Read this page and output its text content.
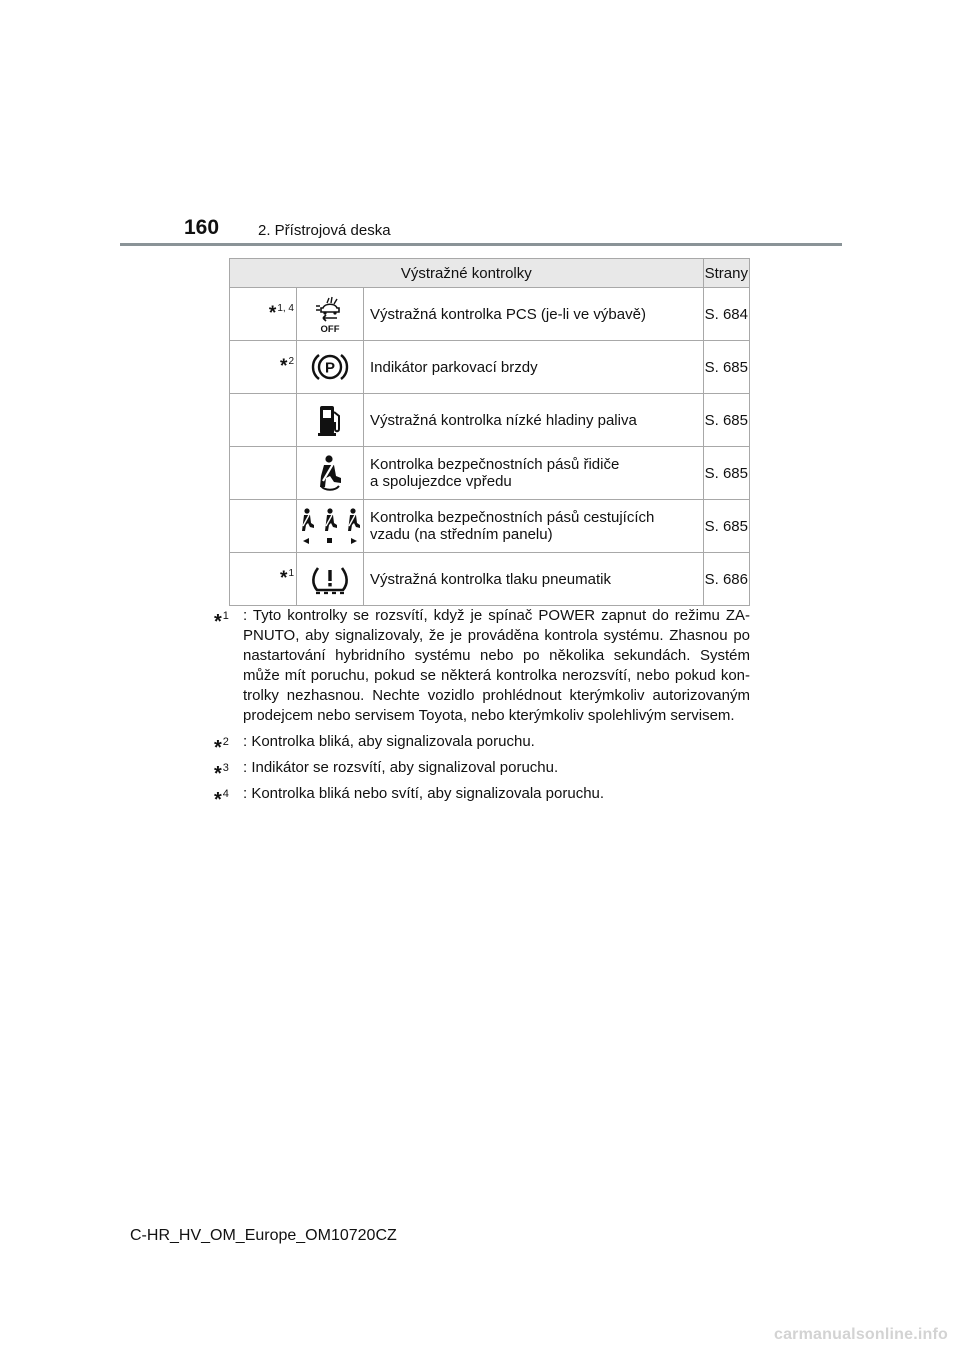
160	2. Přístrojová deska
Výstražné kontrolky			Strany
*$^{1, 4}$	OFF	Výstražná kontrolka PCS (je-li ve výbavě)	S. 684
*$^2$	P	Indikátor parkovací brzdy	S. 685

Výstražná kontrolka nízké hladiny paliva	S. 685

Kontrolka bezpečnostních pásů řidiče
a spolujezdce vpředu	S. 685

Kontrolka bezpečnostních pásů cestujících
vzadu (na středním panelu)	S. 685
*$^1$		Výstražná kontrolka tlaku pneumatik	S. 686
*$^1$ : Tyto kontrolky se rozsvítí, když je spínač POWER zapnut do režimu ZA-PNUTO, aby signalizovaly, že je prováděna kontrola systému. Zhasnou po nastartování hybridního systému nebo po několika sekundách. Systém může mít poruchu, pokud se některá kontrolka nerozsvítí, nebo pokud kon-trolky nezhasnou. Nechte vozidlo prohlédnout kterýmkoliv autorizovaným prodejcem nebo servisem Toyota, nebo kterýmkoliv spolehlivým servisem.
*$^2$ : Kontrolka bliká, aby signalizovala poruchu.
*$^3$ : Indikátor se rozsvítí, aby signalizoval poruchu.
*$^4$ : Kontrolka bliká nebo svítí, aby signalizovala poruchu.
C-HR_HV_OM_Europe_OM10720CZ
carmanualsonline.info
